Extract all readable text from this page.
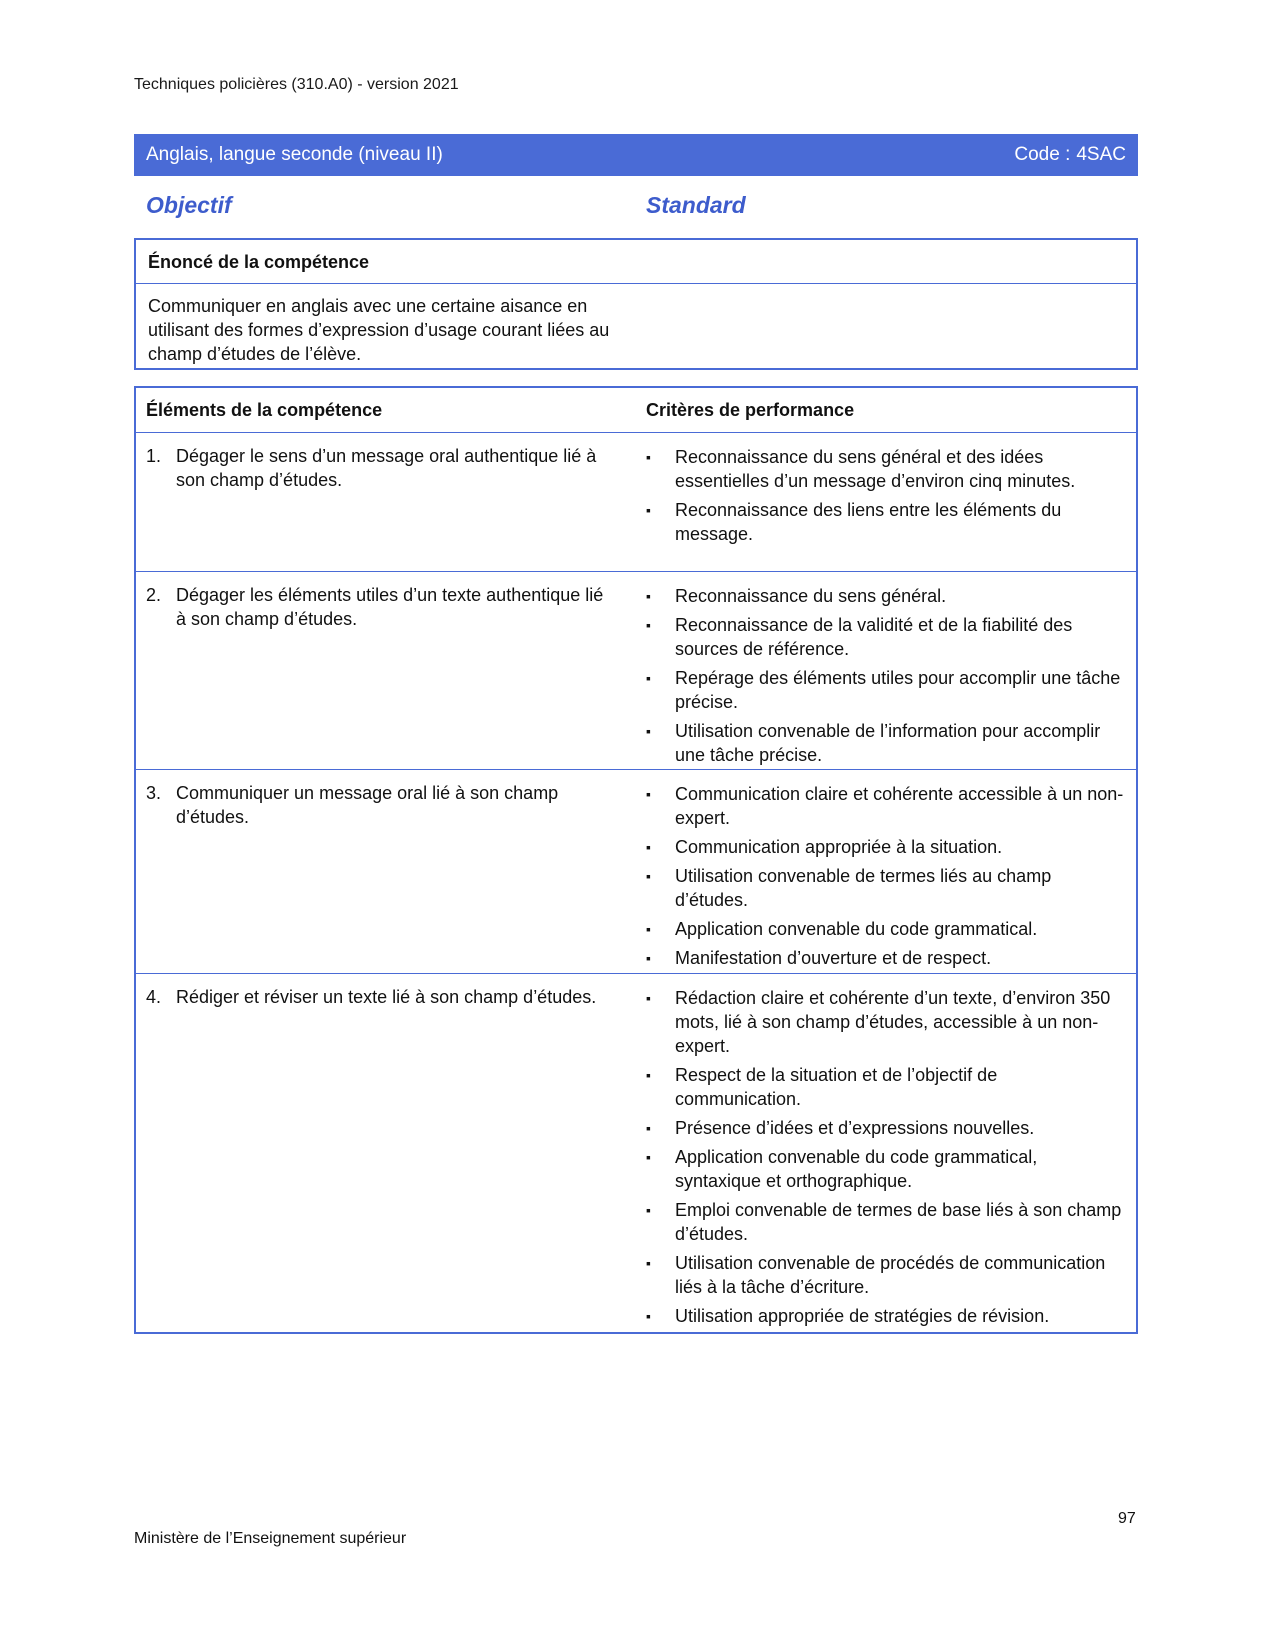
Techniques policières (310.A0) - version 2021
Anglais, langue seconde (niveau II)	Code : 4SAC
Objectif	Standard
Énoncé de la compétence
Communiquer en anglais avec une certaine aisance en utilisant des formes d’expression d’usage courant liées au champ d’études de l’élève.
Éléments de la compétence	Critères de performance
1. Dégager le sens d’un message oral authentique lié à son champ d’études.
▪	Reconnaissance du sens général et des idées essentielles d’un message d’environ cinq minutes.
▪	Reconnaissance des liens entre les éléments du message.
2. Dégager les éléments utiles d’un texte authentique lié à son champ d’études.
▪	Reconnaissance du sens général.
▪	Reconnaissance de la validité et de la fiabilité des sources de référence.
▪	Repérage des éléments utiles pour accomplir une tâche précise.
▪	Utilisation convenable de l’information pour accomplir une tâche précise.
3. Communiquer un message oral lié à son champ d’études.
▪	Communication claire et cohérente accessible à un non-expert.
▪	Communication appropriée à la situation.
▪	Utilisation convenable de termes liés au champ d’études.
▪	Application convenable du code grammatical.
▪	Manifestation d’ouverture et de respect.
4. Rédiger et réviser un texte lié à son champ d’études.	▪	Rédaction claire et cohérente d’un texte, d’environ 350 mots, lié à son champ d’études, accessible à un non-expert.
▪	Respect de la situation et de l’objectif de communication.
▪	Présence d’idées et d’expressions nouvelles.
▪	Application convenable du code grammatical, syntaxique et orthographique.
▪	Emploi convenable de termes de base liés à son champ d’études.
▪	Utilisation convenable de procédés de communication liés à la tâche d’écriture.
▪	Utilisation appropriée de stratégies de révision.
97
Ministère de l’Enseignement supérieur
